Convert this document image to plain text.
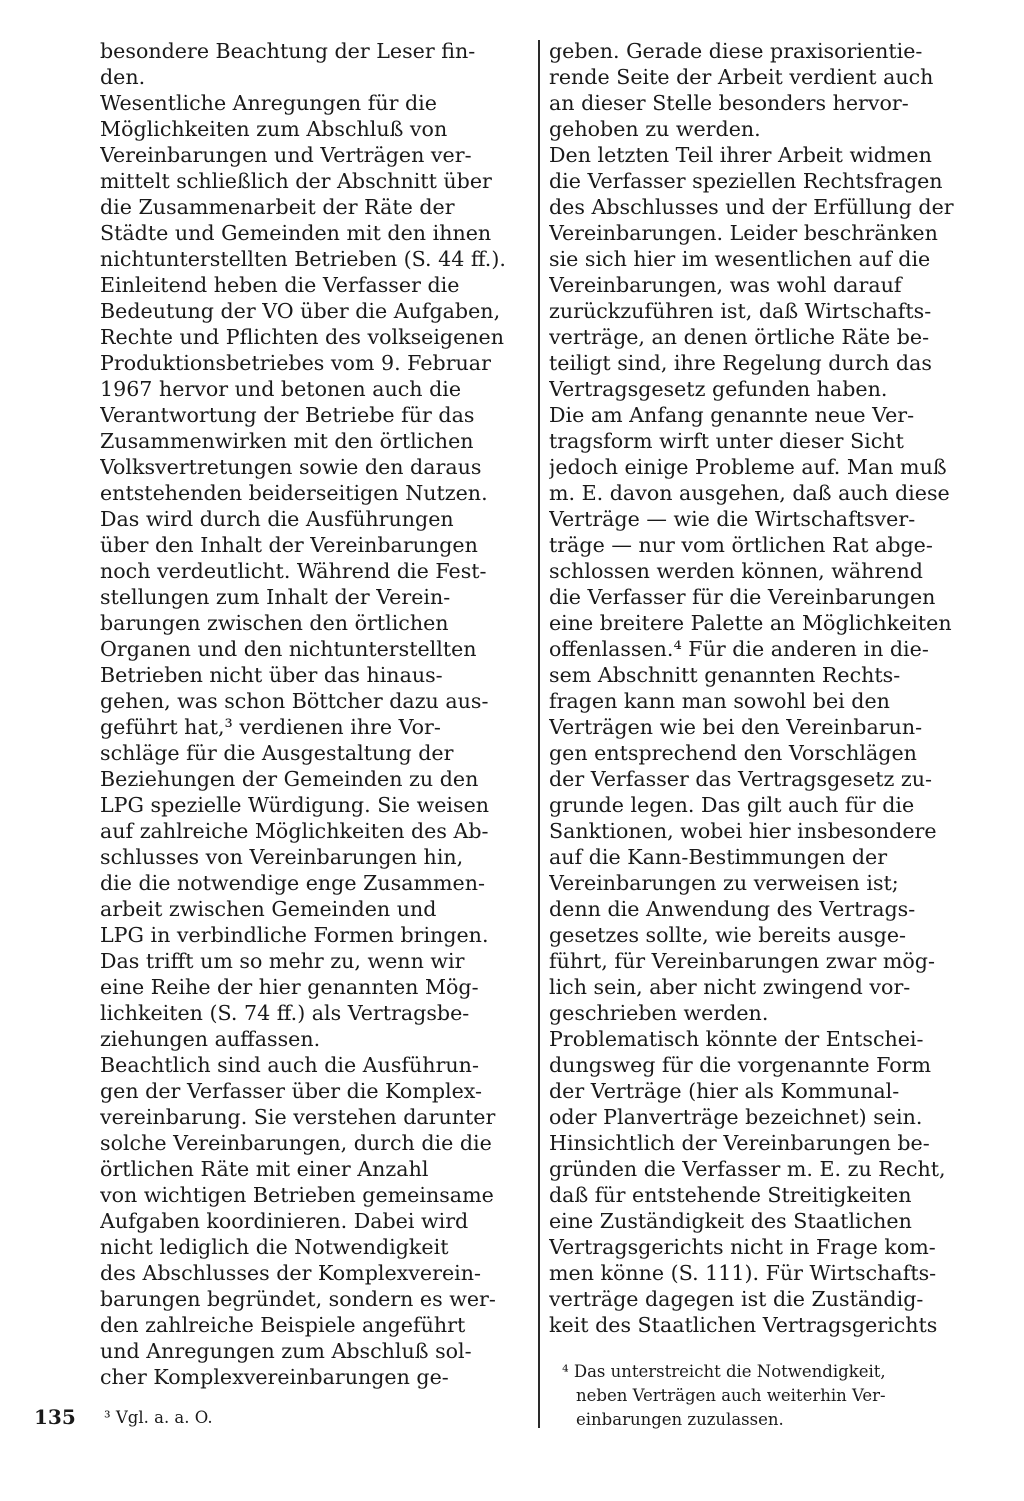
besondere Beachtung der Leser fin-
den.
Wesentliche Anregungen für die
Möglichkeiten zum Abschluß von
Vereinbarungen und Verträgen ver-
mittelt schließlich der Abschnitt über
die Zusammenarbeit der Räte der
Städte und Gemeinden mit den ihnen
nichtunterstellten Betrieben (S. 44 ff.).
Einleitend heben die Verfasser die
Bedeutung der VO über die Aufgaben,
Rechte und Pflichten des volkseigenen
Produktionsbetriebes vom 9. Februar
1967 hervor und betonen auch die
Verantwortung der Betriebe für das
Zusammenwirken mit den örtlichen
Volksvertretungen sowie den daraus
entstehenden beiderseitigen Nutzen.
Das wird durch die Ausführungen
über den Inhalt der Vereinbarungen
noch verdeutlicht. Während die Fest-
stellungen zum Inhalt der Verein-
barungen zwischen den örtlichen
Organen und den nichtunterstellten
Betrieben nicht über das hinaus-
gehen, was schon Böttcher dazu aus-
geführt hat,³ verdienen ihre Vor-
schläge für die Ausgestaltung der
Beziehungen der Gemeinden zu den
LPG spezielle Würdigung. Sie weisen
auf zahlreiche Möglichkeiten des Ab-
schlusses von Vereinbarungen hin,
die die notwendige enge Zusammen-
arbeit zwischen Gemeinden und
LPG in verbindliche Formen bringen.
Das trifft um so mehr zu, wenn wir
eine Reihe der hier genannten Mög-
lichkeiten (S. 74 ff.) als Vertragsbe-
ziehungen auffassen.
Beachtlich sind auch die Ausführun-
gen der Verfasser über die Komplex-
vereinbarung. Sie verstehen darunter
solche Vereinbarungen, durch die die
örtlichen Räte mit einer Anzahl
von wichtigen Betrieben gemeinsame
Aufgaben koordinieren. Dabei wird
nicht lediglich die Notwendigkeit
des Abschlusses der Komplexverein-
barungen begründet, sondern es wer-
den zahlreiche Beispiele angeführt
und Anregungen zum Abschluß sol-
cher Komplexvereinbarungen ge-
geben. Gerade diese praxisorientie-
rende Seite der Arbeit verdient auch
an dieser Stelle besonders hervor-
gehoben zu werden.
Den letzten Teil ihrer Arbeit widmen
die Verfasser speziellen Rechtsfragen
des Abschlusses und der Erfüllung der
Vereinbarungen. Leider beschränken
sie sich hier im wesentlichen auf die
Vereinbarungen, was wohl darauf
zurückzuführen ist, daß Wirtschafts-
verträge, an denen örtliche Räte be-
teiligt sind, ihre Regelung durch das
Vertragsgesetz gefunden haben.
Die am Anfang genannte neue Ver-
tragsform wirft unter dieser Sicht
jedoch einige Probleme auf. Man muß
m. E. davon ausgehen, daß auch diese
Verträge — wie die Wirtschaftsver-
träge — nur vom örtlichen Rat abge-
schlossen werden können, während
die Verfasser für die Vereinbarungen
eine breitere Palette an Möglichkeiten
offenlassen.⁴ Für die anderen in die-
sem Abschnitt genannten Rechts-
fragen kann man sowohl bei den
Verträgen wie bei den Vereinbarun-
gen entsprechend den Vorschlägen
der Verfasser das Vertragsgesetz zu-
grunde legen. Das gilt auch für die
Sanktionen, wobei hier insbesondere
auf die Kann-Bestimmungen der
Vereinbarungen zu verweisen ist;
denn die Anwendung des Vertrags-
gesetzes sollte, wie bereits ausge-
führt, für Vereinbarungen zwar mög-
lich sein, aber nicht zwingend vor-
geschrieben werden.
Problematisch könnte der Entschei-
dungsweg für die vorgenannte Form
der Verträge (hier als Kommunal-
oder Planverträge bezeichnet) sein.
Hinsichtlich der Vereinbarungen be-
gründen die Verfasser m. E. zu Recht,
daß für entstehende Streitigkeiten
eine Zuständigkeit des Staatlichen
Vertragsgerichts nicht in Frage kom-
men könne (S. 111). Für Wirtschafts-
verträge dagegen ist die Zuständig-
keit des Staatlichen Vertragsgerichts
135 ³ Vgl. a. a. O.
⁴ Das unterstreicht die Notwendigkeit,
neben Verträgen auch weiterhin Ver-
einbarungen zuzulassen.
